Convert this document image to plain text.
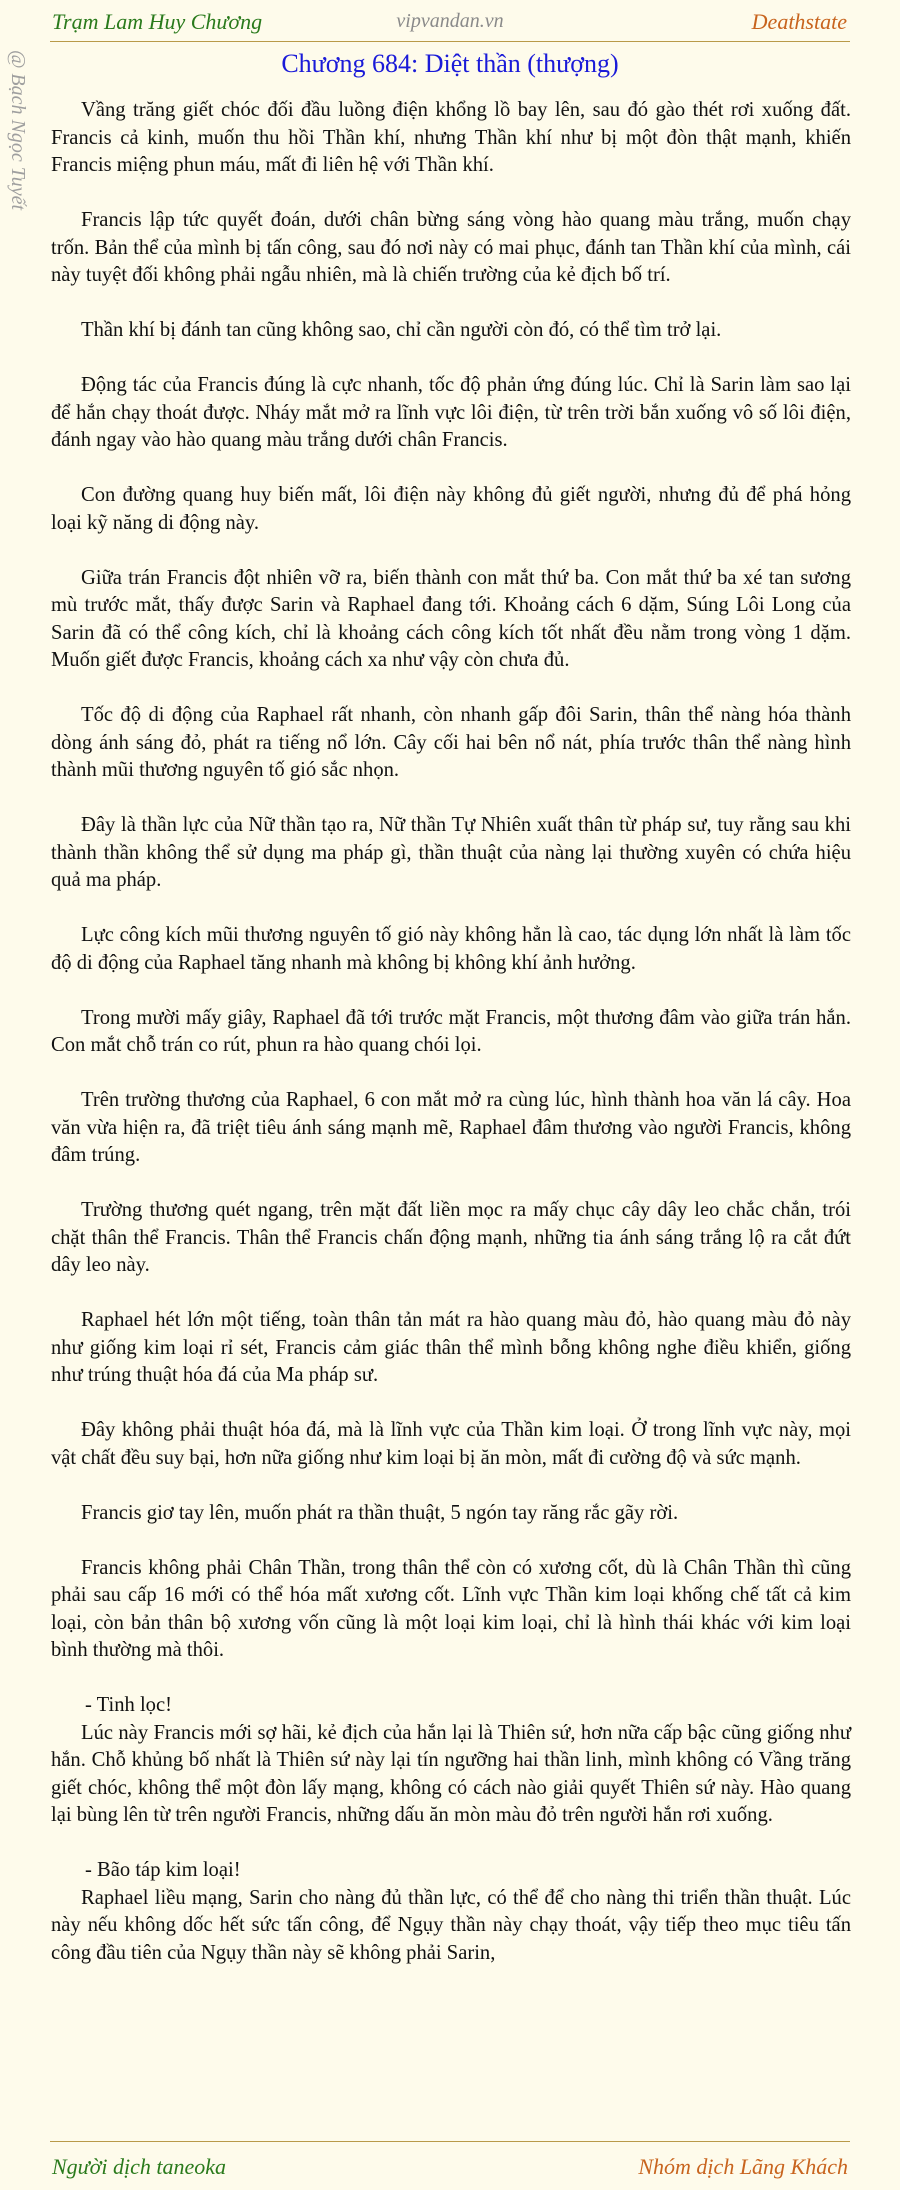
Trạm Lam Huy Chương	vipvandan.vn	Deathstate
Chương 684: Diệt thần (thượng)
@ Bạch Ngọc Tuyết	Vầng trăng giết chóc đối đầu luồng điện khổng lồ bay lên, sau đó gào thét rơi xuống đất. Francis cả kinh, muốn thu hồi Thần khí, nhưng Thần khí như bị một đòn thật mạnh, khiến Francis miệng phun máu, mất đi liên hệ với Thần khí.

Francis lập tức quyết đoán, dưới chân bừng sáng vòng hào quang màu trắng, muốn chạy trốn. Bản thể của mình bị tấn công, sau đó nơi này có mai phục, đánh tan Thần khí của mình, cái này tuyệt đối không phải ngẫu nhiên, mà là chiến trường của kẻ địch bố trí.

Thần khí bị đánh tan cũng không sao, chỉ cần người còn đó, có thể tìm trở lại.

Động tác của Francis đúng là cực nhanh, tốc độ phản ứng đúng lúc. Chỉ là Sarin làm sao lại để hắn chạy thoát được. Nháy mắt mở ra lĩnh vực lôi điện, từ trên trời bắn xuống vô số lôi điện, đánh ngay vào hào quang màu trắng dưới chân Francis.

Con đường quang huy biến mất, lôi điện này không đủ giết người, nhưng đủ để phá hỏng loại kỹ năng di động này.

Giữa trán Francis đột nhiên vỡ ra, biến thành con mắt thứ ba. Con mắt thứ ba xé tan sương mù trước mắt, thấy được Sarin và Raphael đang tới. Khoảng cách 6 dặm, Súng Lôi Long của Sarin đã có thể công kích, chỉ là khoảng cách công kích tốt nhất đều nằm trong vòng 1 dặm. Muốn giết được Francis, khoảng cách xa như vậy còn chưa đủ.

Tốc độ di động của Raphael rất nhanh, còn nhanh gấp đôi Sarin, thân thể nàng hóa thành dòng ánh sáng đỏ, phát ra tiếng nổ lớn. Cây cối hai bên nổ nát, phía trước thân thể nàng hình thành mũi thương nguyên tố gió sắc nhọn.

Đây là thần lực của Nữ thần tạo ra, Nữ thần Tự Nhiên xuất thân từ pháp sư, tuy rằng sau khi thành thần không thể sử dụng ma pháp gì, thần thuật của nàng lại thường xuyên có chứa hiệu quả ma pháp.

Lực công kích mũi thương nguyên tố gió này không hẳn là cao, tác dụng lớn nhất là làm tốc độ di động của Raphael tăng nhanh mà không bị không khí ảnh hưởng.

Trong mười mấy giây, Raphael đã tới trước mặt Francis, một thương đâm vào giữa trán hắn. Con mắt chỗ trán co rút, phun ra hào quang chói lọi.

Trên trường thương của Raphael, 6 con mắt mở ra cùng lúc, hình thành hoa văn lá cây. Hoa văn vừa hiện ra, đã triệt tiêu ánh sáng mạnh mẽ, Raphael đâm thương vào người Francis, không đâm trúng.

Trường thương quét ngang, trên mặt đất liền mọc ra mấy chục cây dây leo chắc chắn, trói chặt thân thể Francis. Thân thể Francis chấn động mạnh, những tia ánh sáng trắng lộ ra cắt đứt dây leo này.

Raphael hét lớn một tiếng, toàn thân tản mát ra hào quang màu đỏ, hào quang màu đỏ này như giống kim loại rỉ sét, Francis cảm giác thân thể mình bỗng không nghe điều khiển, giống như trúng thuật hóa đá của Ma pháp sư.

Đây không phải thuật hóa đá, mà là lĩnh vực của Thần kim loại. Ở trong lĩnh vực này, mọi vật chất đều suy bại, hơn nữa giống như kim loại bị ăn mòn, mất đi cường độ và sức mạnh.

Francis giơ tay lên, muốn phát ra thần thuật, 5 ngón tay răng rắc gãy rời.

Francis không phải Chân Thần, trong thân thể còn có xương cốt, dù là Chân Thần thì cũng phải sau cấp 16 mới có thể hóa mất xương cốt. Lĩnh vực Thần kim loại khống chế tất cả kim loại, còn bản thân bộ xương vốn cũng là một loại kim loại, chỉ là hình thái khác với kim loại bình thường mà thôi.

- Tinh lọc!

Lúc này Francis mới sợ hãi, kẻ địch của hắn lại là Thiên sứ, hơn nữa cấp bậc cũng giống như hắn. Chỗ khủng bố nhất là Thiên sứ này lại tín ngưỡng hai thần linh, mình không có Vầng trăng giết chóc, không thể một đòn lấy mạng, không có cách nào giải quyết Thiên sứ này. Hào quang lại bùng lên từ trên người Francis, những dấu ăn mòn màu đỏ trên người hắn rơi xuống.

- Bão táp kim loại!

Raphael liều mạng, Sarin cho nàng đủ thần lực, có thể để cho nàng thi triển thần thuật. Lúc này nếu không dốc hết sức tấn công, để Ngụy thần này chạy thoát, vậy tiếp theo mục tiêu tấn công đầu tiên của Ngụy thần này sẽ không phải Sarin,

Người dịch taneoka	Nhóm dịch Lãng Khách
